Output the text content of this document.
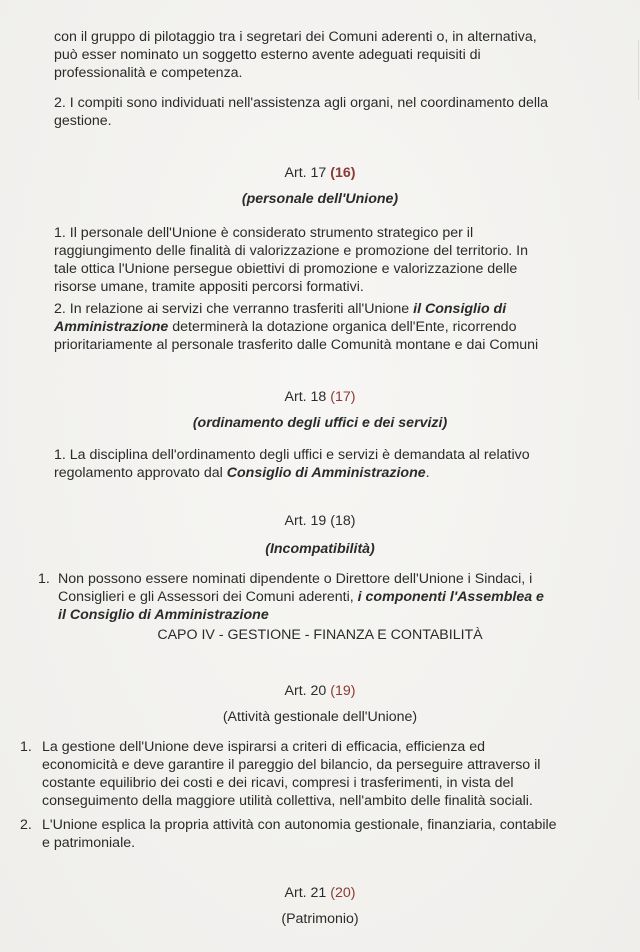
con il gruppo di pilotaggio tra i segretari dei Comuni aderenti o, in alternativa,
può esser nominato un soggetto esterno avente adeguati requisiti di
professionalità e competenza.
2. I compiti sono individuati nell'assistenza agli organi, nel coordinamento della
gestione.
Art. 17 (16)
(personale dell'Unione)
1. Il personale dell'Unione è considerato strumento strategico per il
raggiungimento delle finalità di valorizzazione e promozione del territorio. In
tale ottica l'Unione persegue obiettivi di promozione e valorizzazione delle
risorse umane, tramite appositi percorsi formativi.
2. In relazione ai servizi che verranno trasferiti all'Unione il Consiglio di
Amministrazione determinerà la dotazione organica dell'Ente, ricorrendo
prioritariamente al personale trasferito dalle Comunità montane e dai Comuni
Art. 18 (17)
(ordinamento degli uffici e dei servizi)
1. La disciplina dell'ordinamento degli uffici e servizi è demandata al relativo
regolamento approvato dal Consiglio di Amministrazione.
Art. 19 (18)
(Incompatibilità)
1. Non possono essere nominati dipendente o Direttore dell'Unione i Sindaci, i
Consiglieri e gli Assessori dei Comuni aderenti, i componenti l'Assemblea e
il Consiglio di Amministrazione
CAPO IV - GESTIONE - FINANZA E CONTABILITÀ
Art. 20 (19)
(Attività gestionale dell'Unione)
1. La gestione dell'Unione deve ispirarsi a criteri di efficacia, efficienza ed
economicità e deve garantire il pareggio del bilancio, da perseguire attraverso il
costante equilibrio dei costi e dei ricavi, compresi i trasferimenti, in vista del
conseguimento della maggiore utilità collettiva, nell'ambito delle finalità sociali.
2. L'Unione esplica la propria attività con autonomia gestionale, finanziaria, contabile
e patrimoniale.
Art. 21 (20)
(Patrimonio)
